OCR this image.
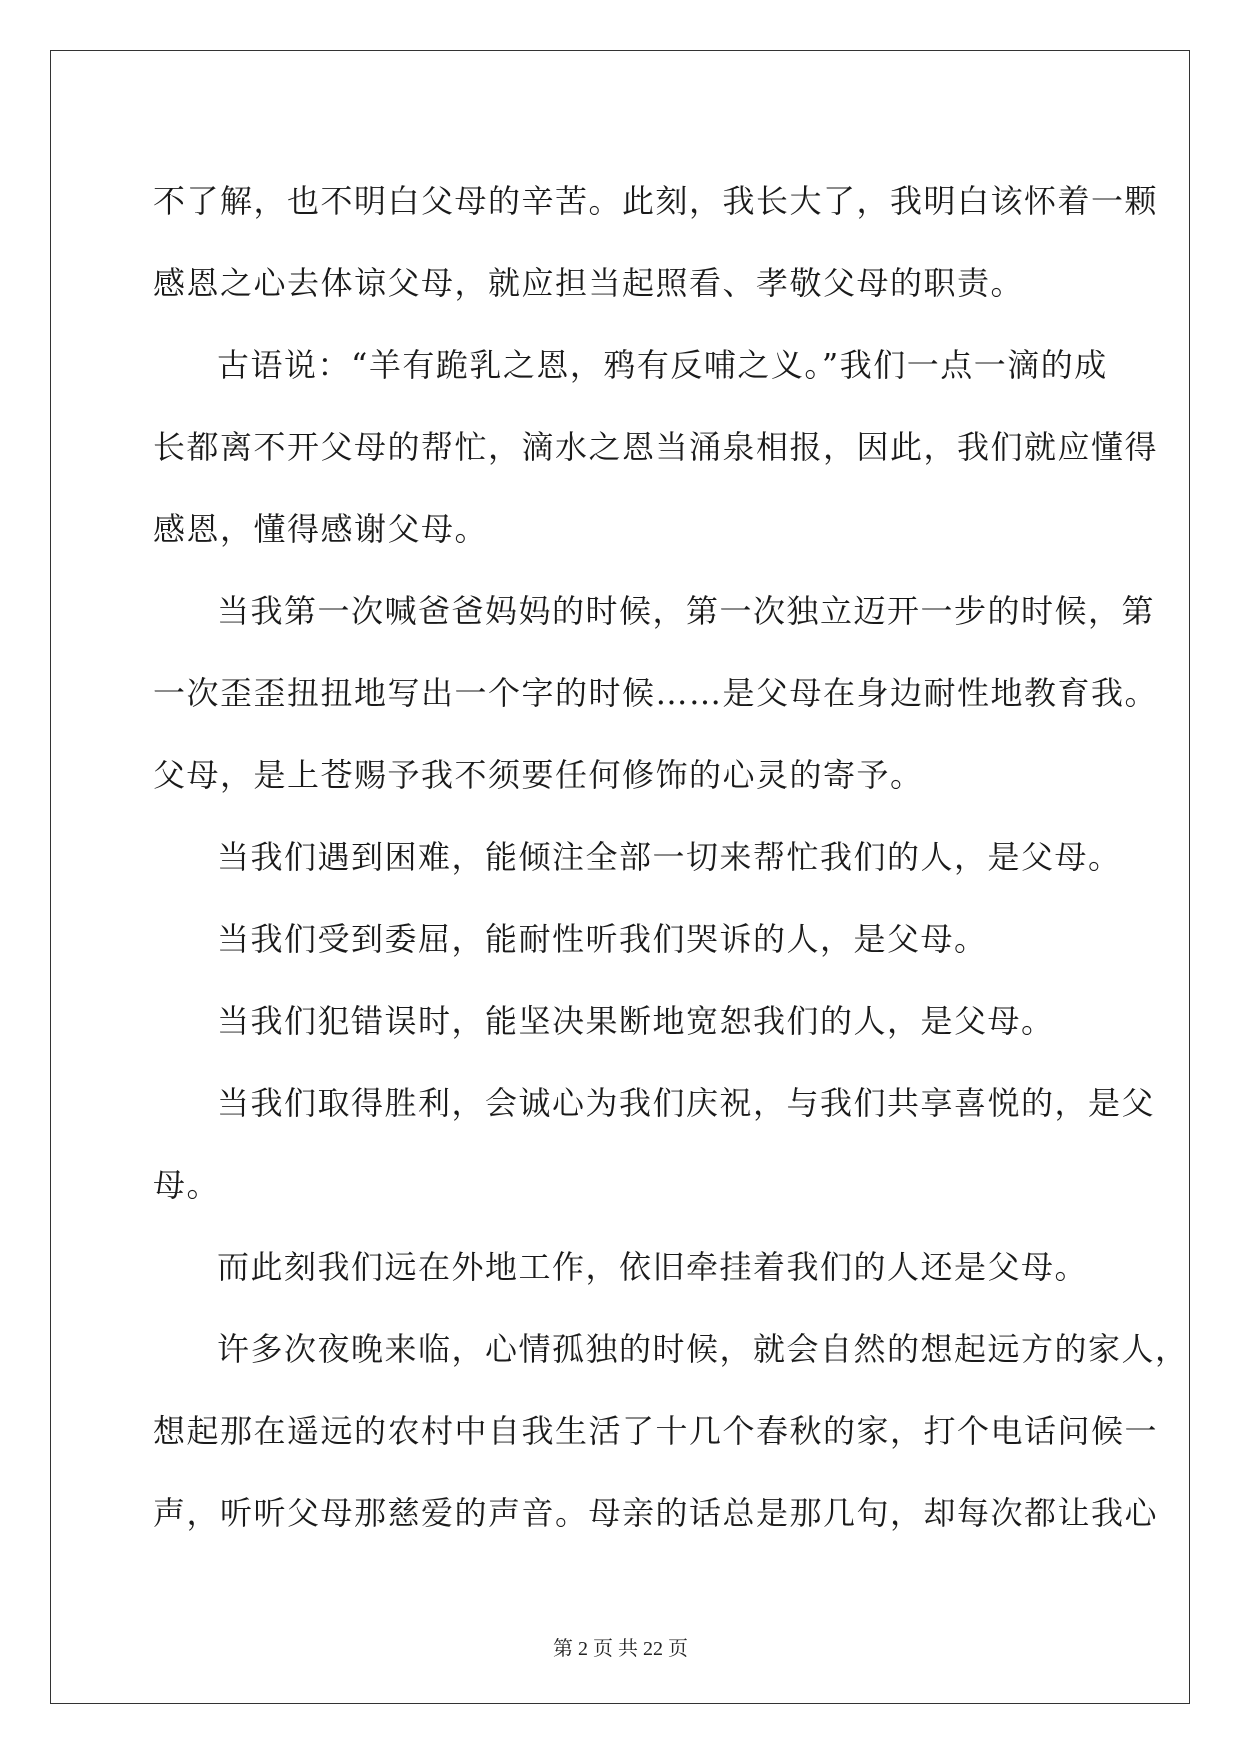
不了解，也不明白父母的辛苦。此刻，我长大了，我明白该怀着一颗
感恩之心去体谅父母，就应担当起照看、孝敬父母的职责。
古语说：“羊有跪乳之恩，鸦有反哺之义。”我们一点一滴的成
长都离不开父母的帮忙，滴水之恩当涌泉相报，因此，我们就应懂得
感恩，懂得感谢父母。
当我第一次喊爸爸妈妈的时候，第一次独立迈开一步的时候，第
一次歪歪扭扭地写出一个字的时候……是父母在身边耐性地教育我。
父母，是上苍赐予我不须要任何修饰的心灵的寄予。
当我们遇到困难，能倾注全部一切来帮忙我们的人，是父母。
当我们受到委屈，能耐性听我们哭诉的人，是父母。
当我们犯错误时，能坚决果断地宽恕我们的人，是父母。
当我们取得胜利，会诚心为我们庆祝，与我们共享喜悦的，是父
母。
而此刻我们远在外地工作，依旧牵挂着我们的人还是父母。
许多次夜晚来临，心情孤独的时候，就会自然的想起远方的家人，
想起那在遥远的农村中自我生活了十几个春秋的家，打个电话问候一
声，听听父母那慈爱的声音。母亲的话总是那几句，却每次都让我心
第 2 页 共 22 页
